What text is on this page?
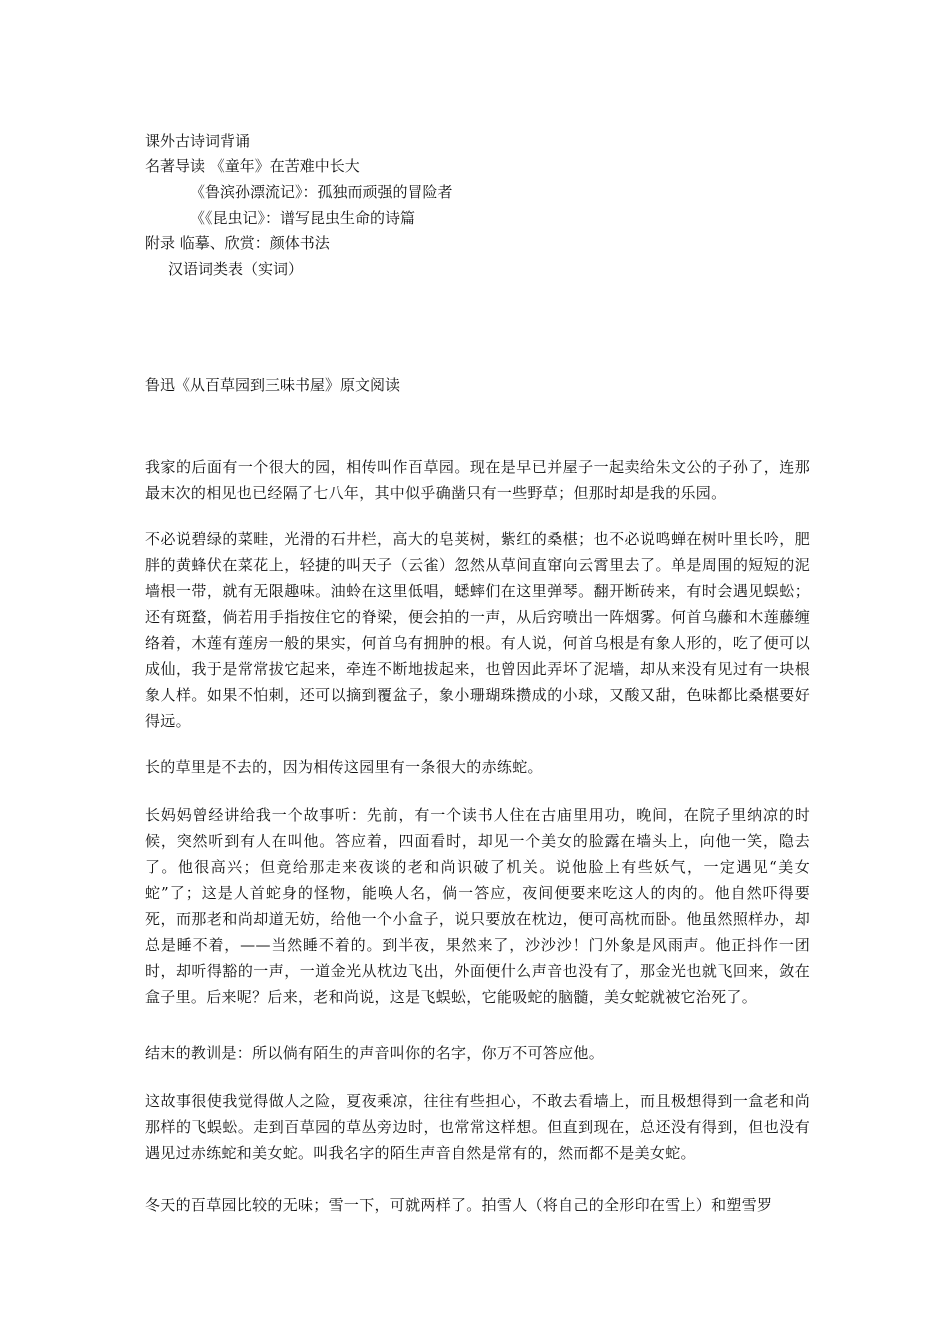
课外古诗词背诵

名著导读 《童年》在苦难中长大

《鲁滨孙漂流记》：孤独而顽强的冒险者

《《昆虫记》：谱写昆虫生命的诗篇

附录 临摹、欣赏：颜体书法

汉语词类表（实词）

鲁迅《从百草园到三味书屋》原文阅读

我家的后面有一个很大的园，相传叫作百草园。现在是早已并屋子一起卖给朱文公的子孙了，连那最末次的相见也已经隔了七八年，其中似乎确凿只有一些野草；但那时却是我的乐园。

不必说碧绿的菜畦，光滑的石井栏，高大的皂荚树，紫红的桑椹；也不必说鸣蝉在树叶里长吟，肥胖的黄蜂伏在菜花上，轻捷的叫天子（云雀）忽然从草间直窜向云霄里去了。单是周围的短短的泥墙根一带，就有无限趣味。油蛉在这里低唱，蟋蟀们在这里弹琴。翻开断砖来，有时会遇见蜈蚣；还有斑蝥，倘若用手指按住它的脊梁，便会拍的一声，从后窍喷出一阵烟雾。何首乌藤和木莲藤缠络着，木莲有莲房一般的果实，何首乌有拥肿的根。有人说，何首乌根是有象人形的，吃了便可以成仙，我于是常常拔它起来，牵连不断地拔起来，也曾因此弄坏了泥墙，却从来没有见过有一块根象人样。如果不怕刺，还可以摘到覆盆子，象小珊瑚珠攒成的小球，又酸又甜，色味都比桑椹要好得远。

长的草里是不去的，因为相传这园里有一条很大的赤练蛇。

长妈妈曾经讲给我一个故事听：先前，有一个读书人住在古庙里用功，晚间，在院子里纳凉的时候，突然听到有人在叫他。答应着，四面看时，却见一个美女的脸露在墙头上，向他一笑，隐去了。他很高兴；但竟给那走来夜谈的老和尚识破了机关。说他脸上有些妖气，一定遇见“美女蛇”了；这是人首蛇身的怪物，能唤人名，倘一答应，夜间便要来吃这人的肉的。他自然吓得要死，而那老和尚却道无妨，给他一个小盒子，说只要放在枕边，便可高枕而卧。他虽然照样办，却总是睡不着，——当然睡不着的。到半夜，果然来了，沙沙沙！门外象是风雨声。他正抖作一团时，却听得豁的一声，一道金光从枕边飞出，外面便什么声音也没有了，那金光也就飞回来，敛在盒子里。后来呢？后来，老和尚说，这是飞蜈蚣，它能吸蛇的脑髓，美女蛇就被它治死了。

结末的教训是：所以倘有陌生的声音叫你的名字，你万不可答应他。

这故事很使我觉得做人之险，夏夜乘凉，往往有些担心，不敢去看墙上，而且极想得到一盒老和尚那样的飞蜈蚣。走到百草园的草丛旁边时，也常常这样想。但直到现在，总还没有得到，但也没有遇见过赤练蛇和美女蛇。叫我名字的陌生声音自然是常有的，然而都不是美女蛇。

冬天的百草园比较的无味；雪一下，可就两样了。拍雪人（将自己的全形印在雪上）和塑雪罗
